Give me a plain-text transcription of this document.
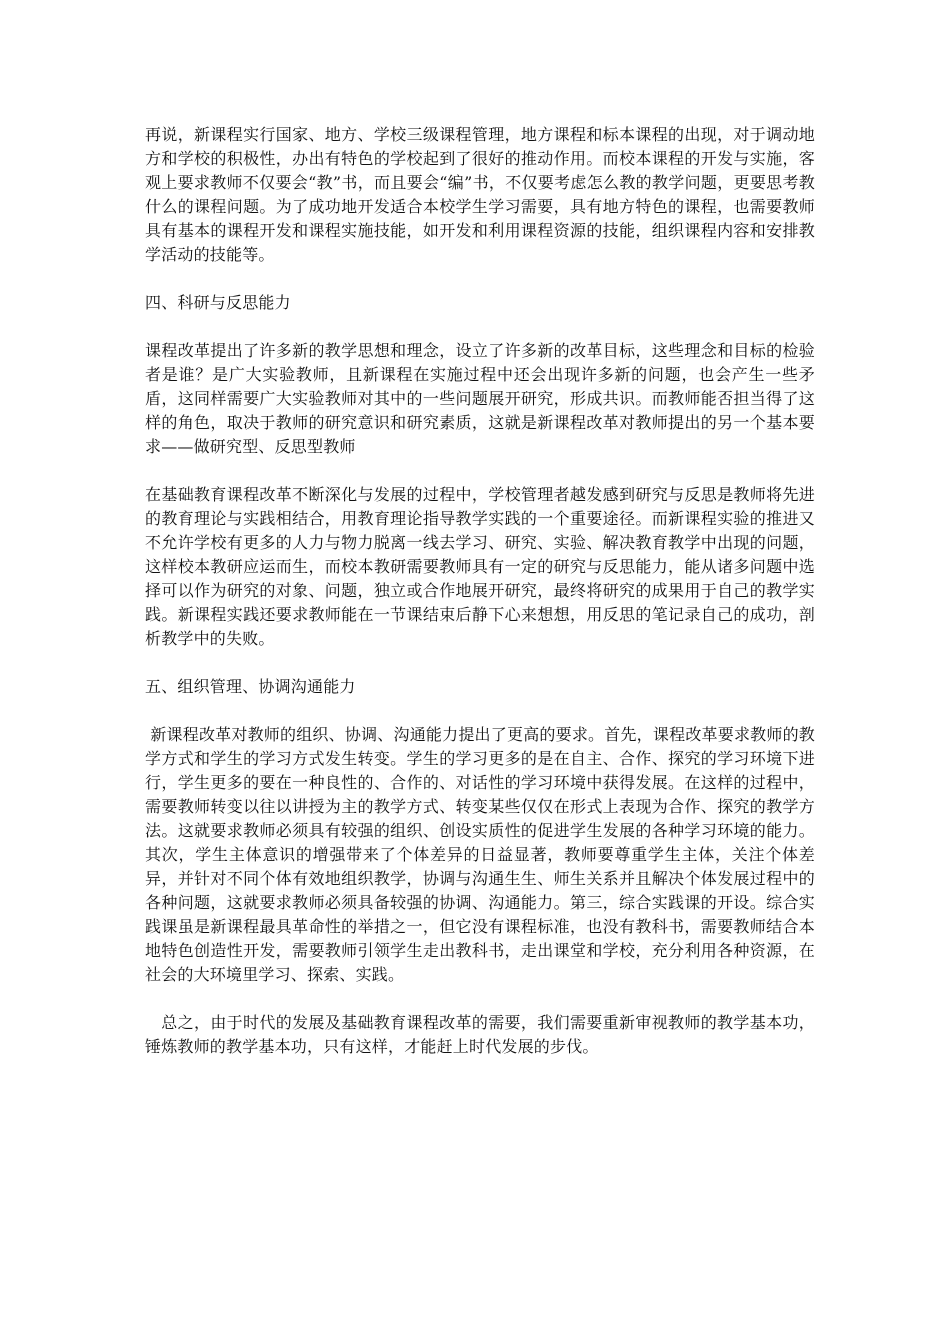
再说，新课程实行国家、地方、学校三级课程管理，地方课程和标本课程的出现，对于调动地方和学校的积极性，办出有特色的学校起到了很好的推动作用。而校本课程的开发与实施，客观上要求教师不仅要会“教”书，而且要会“编”书，不仅要考虑怎么教的教学问题，更要思考教什么的课程问题。为了成功地开发适合本校学生学习需要，具有地方特色的课程，也需要教师具有基本的课程开发和课程实施技能，如开发和利用课程资源的技能，组织课程内容和安排教学活动的技能等。

四、科研与反思能力

课程改革提出了许多新的教学思想和理念，设立了许多新的改革目标，这些理念和目标的检验者是谁？是广大实验教师，且新课程在实施过程中还会出现许多新的问题，也会产生一些矛盾，这同样需要广大实验教师对其中的一些问题展开研究，形成共识。而教师能否担当得了这样的角色，取决于教师的研究意识和研究素质，这就是新课程改革对教师提出的另一个基本要求——做研究型、反思型教师

在基础教育课程改革不断深化与发展的过程中，学校管理者越发感到研究与反思是教师将先进的教育理论与实践相结合，用教育理论指导教学实践的一个重要途径。而新课程实验的推进又不允许学校有更多的人力与物力脱离一线去学习、研究、实验、解决教育教学中出现的问题，这样校本教研应运而生，而校本教研需要教师具有一定的研究与反思能力，能从诸多问题中选择可以作为研究的对象、问题，独立或合作地展开研究，最终将研究的成果用于自己的教学实践。新课程实践还要求教师能在一节课结束后静下心来想想，用反思的笔记录自己的成功，剖析教学中的失败。

五、组织管理、协调沟通能力

新课程改革对教师的组织、协调、沟通能力提出了更高的要求。首先，课程改革要求教师的教学方式和学生的学习方式发生转变。学生的学习更多的是在自主、合作、探究的学习环境下进行，学生更多的要在一种良性的、合作的、对话性的学习环境中获得发展。在这样的过程中，需要教师转变以往以讲授为主的教学方式、转变某些仅仅在形式上表现为合作、探究的教学方法。这就要求教师必须具有较强的组织、创设实质性的促进学生发展的各种学习环境的能力。其次，学生主体意识的增强带来了个体差异的日益显著，教师要尊重学生主体，关注个体差异，并针对不同个体有效地组织教学，协调与沟通生生、师生关系并且解决个体发展过程中的各种问题，这就要求教师必须具备较强的协调、沟通能力。第三，综合实践课的开设。综合实践课虽是新课程最具革命性的举措之一，但它没有课程标准，也没有教科书，需要教师结合本地特色创造性开发，需要教师引领学生走出教科书，走出课堂和学校，充分利用各种资源，在社会的大环境里学习、探索、实践。

总之，由于时代的发展及基础教育课程改革的需要，我们需要重新审视教师的教学基本功，锤炼教师的教学基本功，只有这样，才能赶上时代发展的步伐。
